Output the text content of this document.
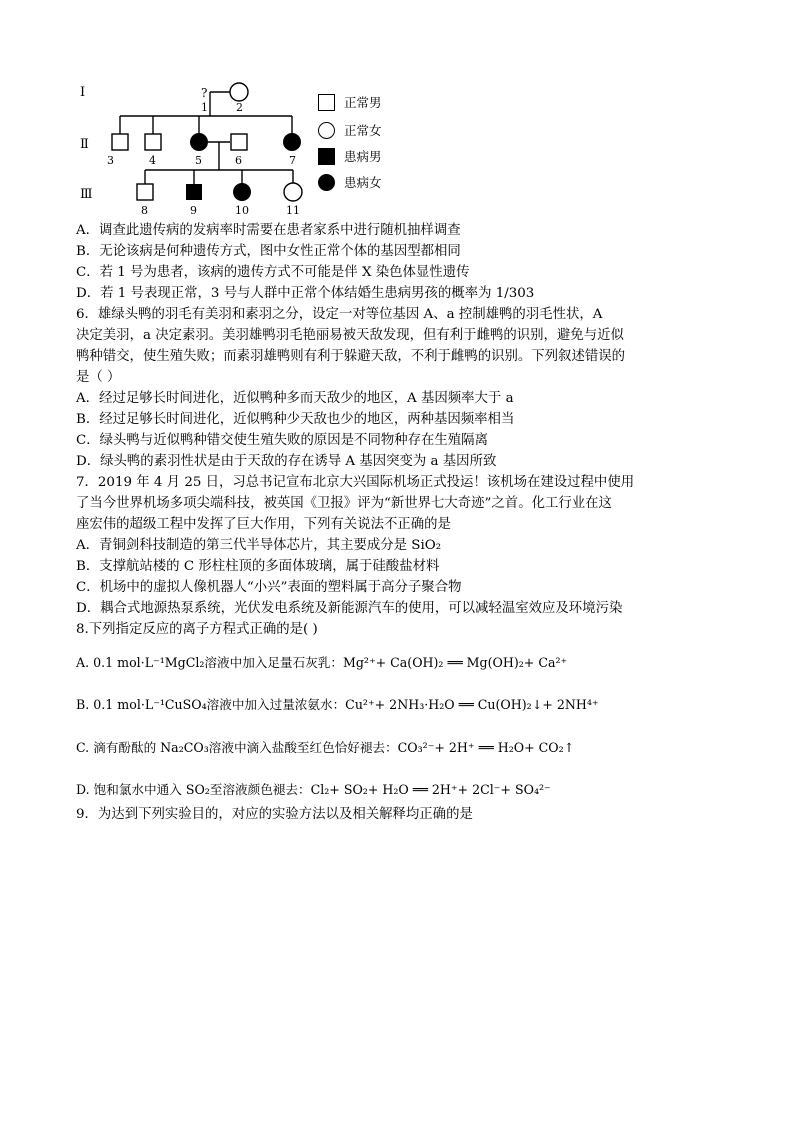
Ⅰ
Ⅱ
Ⅲ
?
1	2
3	4	5	6	7
8	9	10	11
正常男
正常女
患病男
患病女
A．调查此遗传病的发病率时需要在患者家系中进行随机抽样调查
B．无论该病是何种遗传方式，图中女性正常个体的基因型都相同
C．若 1 号为患者，该病的遗传方式不可能是伴 X 染色体显性遗传
D．若 1 号表现正常，3 号与人群中正常个体结婚生患病男孩的概率为 1/303
6．雄绿头鸭的羽毛有美羽和素羽之分，设定一对等位基因 A、a 控制雄鸭的羽毛性状，A
决定美羽，a 决定素羽。美羽雄鸭羽毛艳丽易被天敌发现，但有利于雌鸭的识别，避免与近似
鸭种错交，使生殖失败；而素羽雄鸭则有利于躲避天敌，不利于雌鸭的识别。下列叙述错误的
是（ ）
A．经过足够长时间进化，近似鸭种多而天敌少的地区，A 基因频率大于 a
B．经过足够长时间进化，近似鸭种少天敌也少的地区，两种基因频率相当
C．绿头鸭与近似鸭种错交使生殖失败的原因是不同物种存在生殖隔离
D．绿头鸭的素羽性状是由于天敌的存在诱导 A 基因突变为 a 基因所致
7．2019 年 4 月 25 日，习总书记宣布北京大兴国际机场正式投运！该机场在建设过程中使用
了当今世界机场多项尖端科技，被英国《卫报》评为“新世界七大奇迹”之首。化工行业在这
座宏伟的超级工程中发挥了巨大作用，下列有关说法不正确的是
A．青铜剑科技制造的第三代半导体芯片，其主要成分是 SiO₂
B．支撑航站楼的 C 形柱柱顶的多面体玻璃，属于硅酸盐材料
C．机场中的虚拟人像机器人“小兴”表面的塑料属于高分子聚合物
D．耦合式地源热泵系统，光伏发电系统及新能源汽车的使用，可以减轻温室效应及环境污染
8.下列指定反应的离子方程式正确的是( )
A. 0.1 mol·L⁻¹MgCl₂溶液中加入足量石灰乳：Mg²⁺+ Ca(OH)₂ ══ Mg(OH)₂+ Ca²⁺
B. 0.1 mol·L⁻¹CuSO₄溶液中加入过量浓氨水：Cu²⁺+ 2NH₃·H₂O ══ Cu(OH)₂↓+ 2NH⁴⁺
C. 滴有酚酞的 Na₂CO₃溶液中滴入盐酸至红色恰好褪去：CO₃²⁻+ 2H⁺ ══ H₂O+ CO₂↑
D. 饱和氯水中通入 SO₂至溶液颜色褪去：Cl₂+ SO₂+ H₂O ══ 2H⁺+ 2Cl⁻+ SO₄²⁻
9．为达到下列实验目的，对应的实验方法以及相关解释均正确的是
